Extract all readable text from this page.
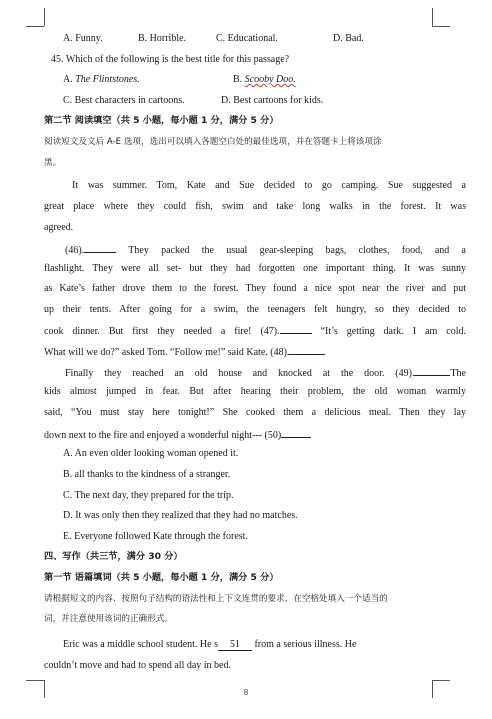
A. Funny.	B. Horrible.	C. Educational.	D. Bad.
45. Which of the following is the best title for this passage?
A. The Flintstones.	B. Scooby Doo.
C. Best characters in cartoons.	D. Best cartoons for kids.
第二节 阅读填空（共 5 小题，每小题 1 分，满分 5 分）
阅读短文及文后 A-E 选项，选出可以填入各题空白处的最佳选项，并在答题卡上将该项涂
黑。
It was summer. Tom, Kate and Sue decided to go camping. Sue suggested a
great place where they could fish, swim and take long walks in the forest. It was
agreed.
(46).	They packed the usual gear-sleeping bags, clothes, food, and a
flashlight. They were all set- but they had forgotten one important thing. It was sunny
as Kate’s father drove them to the forest. They found a nice spot near the river and put
up their tents. After going for a swim, the teenagers felt hungry, so they decided to
cook dinner. But first they needed a fire! (47).	“It’s getting dark. I am cold.
What will we do?” asked Tom. “Follow me!” said Kate. (48).
Finally they reached an old house and knocked at the door. (49).	The
kids almost jumped in fear. But after hearing their problem, the old woman warmly
said, “You must stay here tonight!” She cooked them a delicious meal. Then they lay
down next to the fire and enjoyed a wonderful night--- (50)
A. An even older looking woman opened it.
B. all thanks to the kindness of a stranger.
C. The next day, they prepared for the trip.
D. It was only then they realized that they had no matches.
E. Everyone followed Kate through the forest.
四、写作（共三节，满分 30 分）
第一节 语篇填词（共 5 小题，每小题 1 分，满分 5 分）
请根据短文的内容、按照句子结构的语法性和上下文连贯的要求，在空格处填入一个适当的
词，并注意使用该词的正确形式。
Eric was a middle school student. He s 51 from a serious illness. He
couldn’t move and had to spend all day in bed.
8
